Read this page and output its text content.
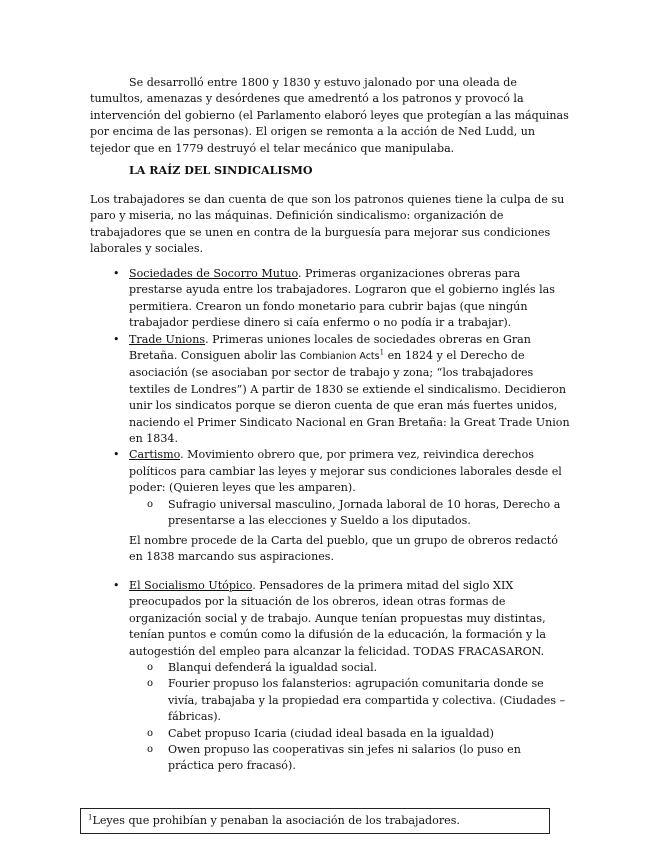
Se desarrolló entre 1800 y 1830 y estuvo jalonado por una oleada de tumultos, amenazas y desórdenes que amedrentó a los patronos y provocó la intervención del gobierno (el Parlamento elaboró leyes que protegían a las máquinas por encima de las personas). El origen se remonta a la acción de Ned Ludd, un tejedor que en 1779 destruyó el telar mecánico que manipulaba.

LA RAÍZ DEL SINDICALISMO

Los trabajadores se dan cuenta de que son los patronos quienes tiene la culpa de su paro y miseria, no las máquinas. Definición sindicalismo: organización de trabajadores que se unen en contra de la burguesía para mejorar sus condiciones laborales y sociales.

• Sociedades de Socorro Mutuo. Primeras organizaciones obreras para prestarse ayuda entre los trabajadores. Lograron que el gobierno inglés las permitiera. Crearon un fondo monetario para cubrir bajas (que ningún trabajador perdiese dinero si caía enfermo o no podía ir a trabajar).
• Trade Unions. Primeras uniones locales de sociedades obreras en Gran Bretaña. Consiguen abolir las Combianion Acts$^1$ en 1824 y el Derecho de asociación (se asociaban por sector de trabajo y zona; “los trabajadores textiles de Londres”) A partir de 1830 se extiende el sindicalismo. Decidieron unir los sindicatos porque se dieron cuenta de que eran más fuertes unidos, naciendo el Primer Sindicato Nacional en Gran Bretaña: la Great Trade Union en 1834.
• Cartismo. Movimiento obrero que, por primera vez, reivindica derechos políticos para cambiar las leyes y mejorar sus condiciones laborales desde el poder: (Quieren leyes que les amparen).
o Sufragio universal masculino, Jornada laboral de 10 horas, Derecho a presentarse a las elecciones y Sueldo a los diputados.

El nombre procede de la Carta del pueblo, que un grupo de obreros redactó en 1838 marcando sus aspiraciones.

• El Socialismo Utópico. Pensadores de la primera mitad del siglo XIX preocupados por la situación de los obreros, idean otras formas de organización social y de trabajo. Aunque tenían propuestas muy distintas, tenían puntos e común como la difusión de la educación, la formación y la autogestión del empleo para alcanzar la felicidad. TODAS FRACASARON.
o Blanqui defenderá la igualdad social.
o Fourier propuso los falansterios: agrupación comunitaria donde se vivía, trabajaba y la propiedad era compartida y colectiva. (Ciudades – fábricas).
o Cabet propuso Icaria (ciudad ideal basada en la igualdad)
o Owen propuso las cooperativas sin jefes ni salarios (lo puso en práctica pero fracasó).
$^1$Leyes que prohibían y penaban la asociación de los trabajadores.
